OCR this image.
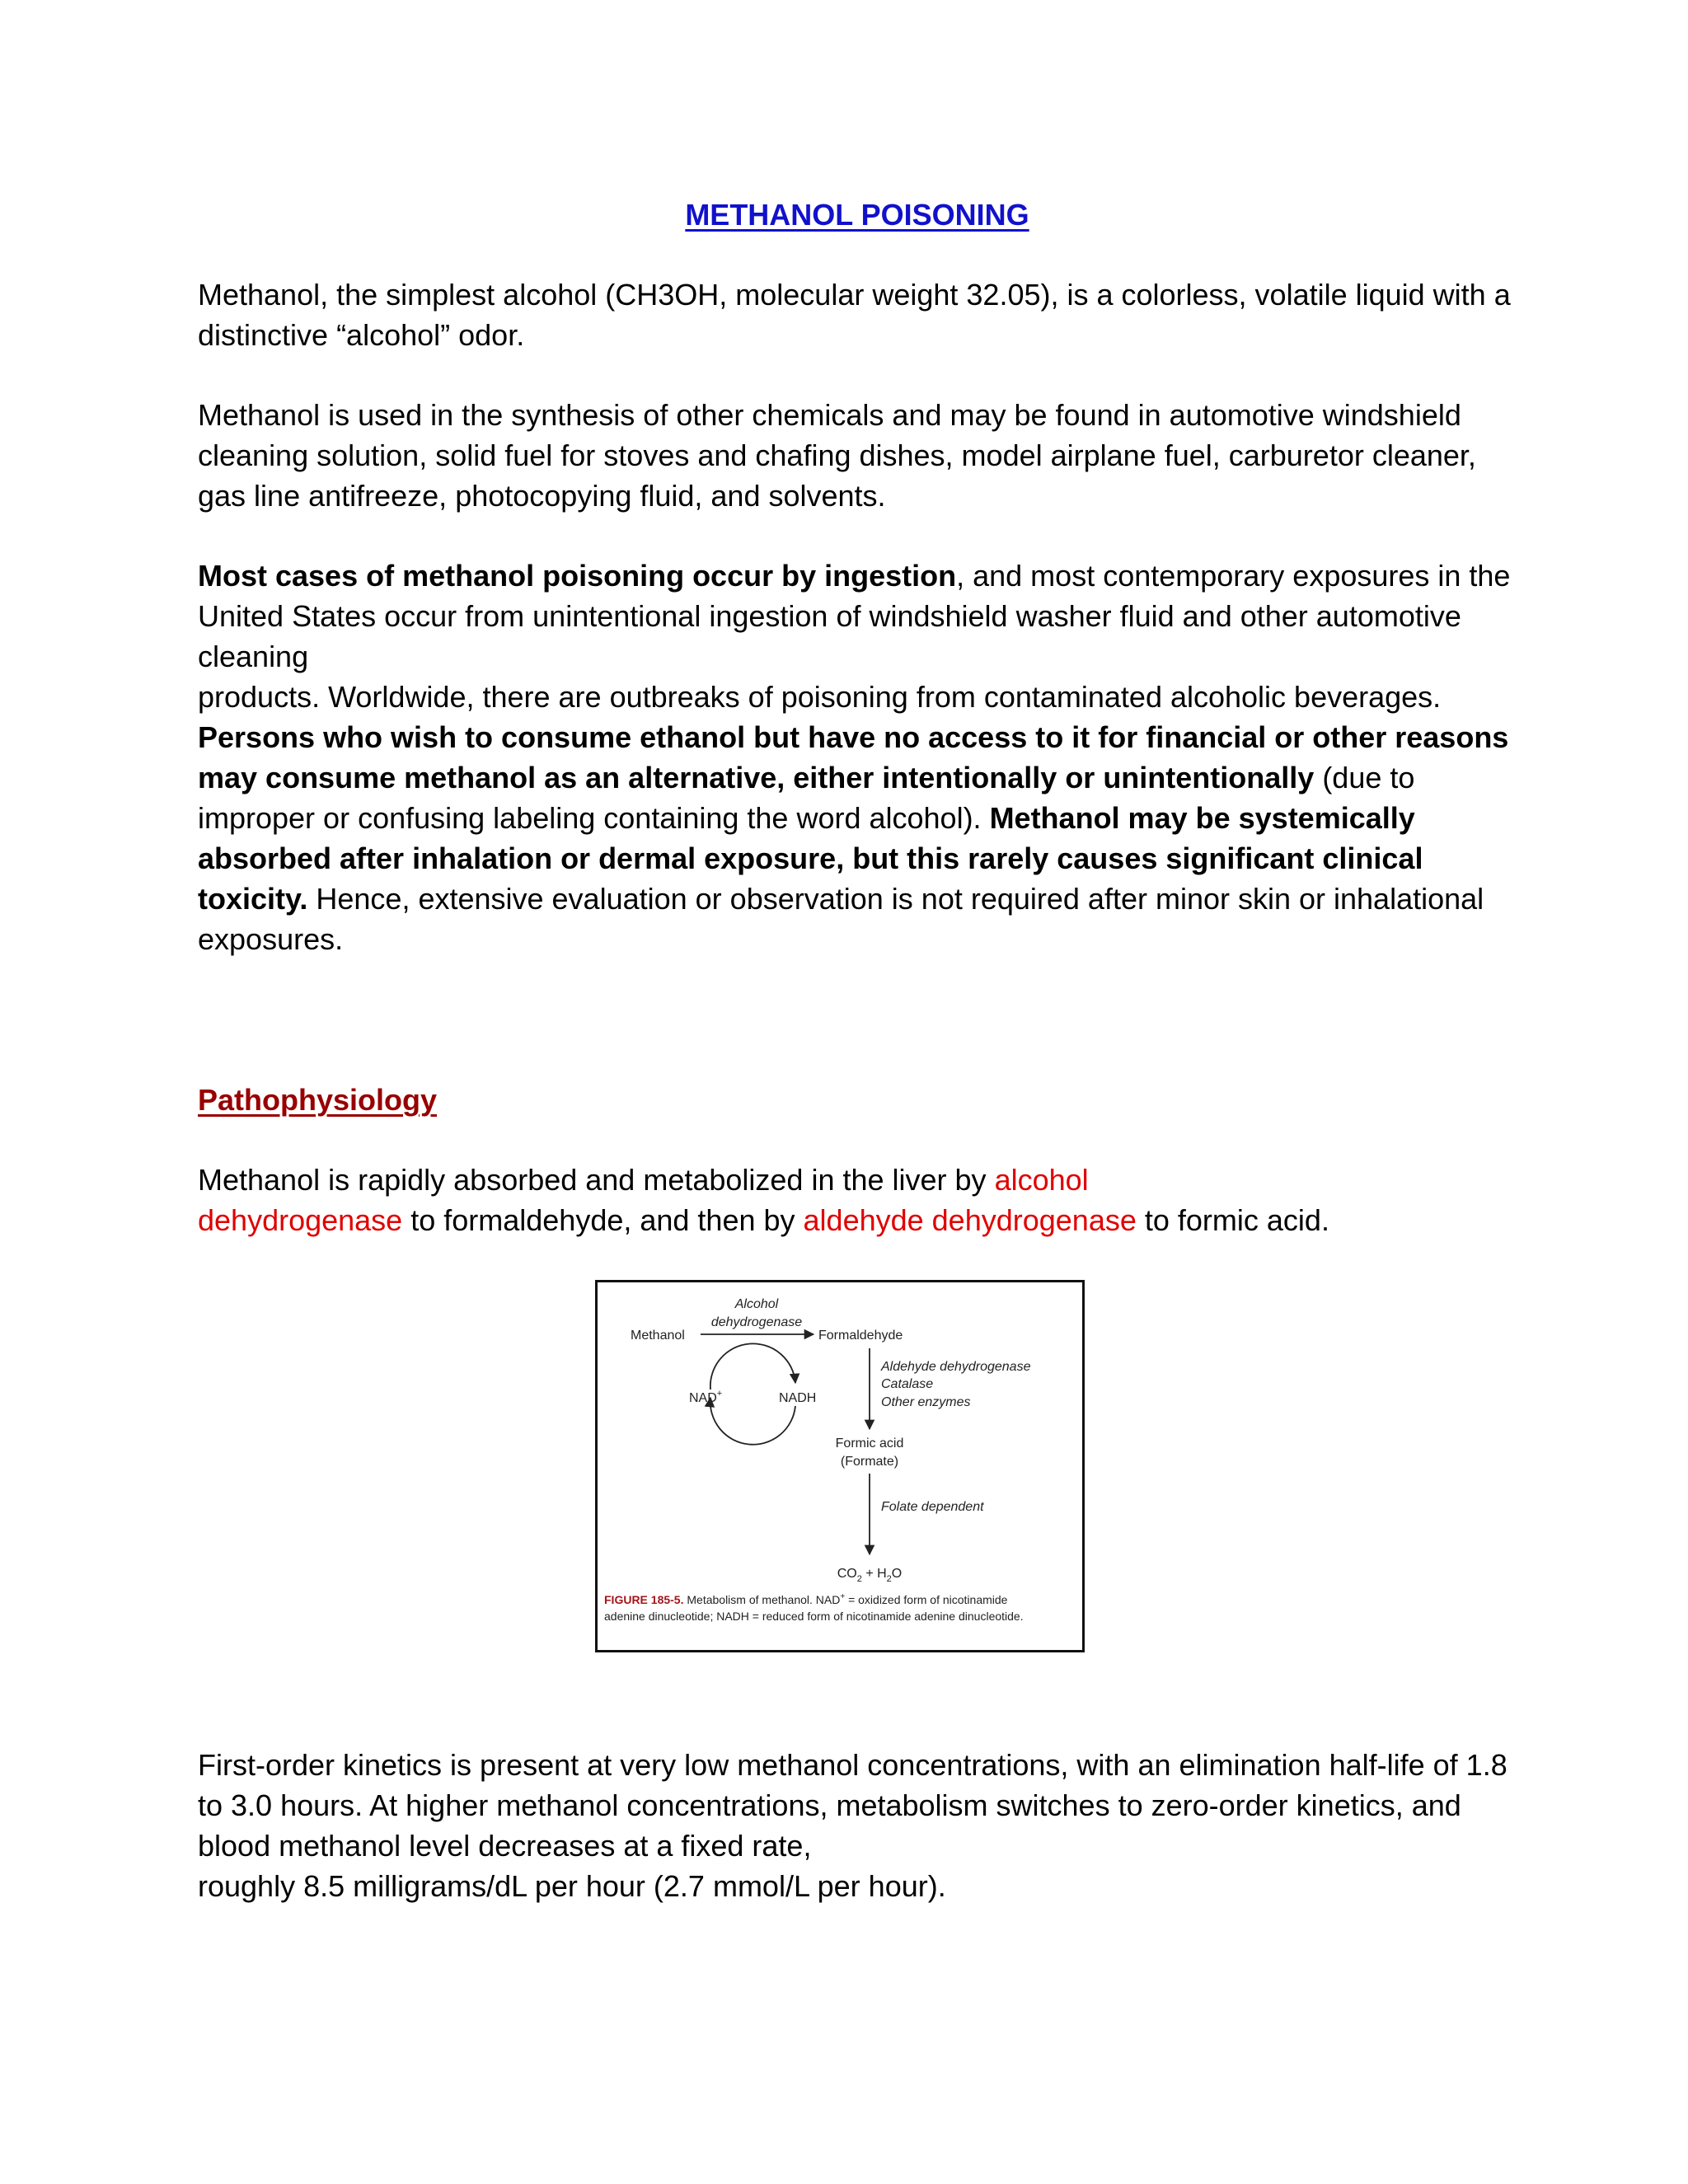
METHANOL POISONING

Methanol, the simplest alcohol (CH3OH, molecular weight 32.05), is a colorless, volatile liquid with a distinctive “alcohol” odor.

Methanol is used in the synthesis of other chemicals and may be found in automotive windshield cleaning solution, solid fuel for stoves and chafing dishes, model airplane fuel, carburetor cleaner, gas line antifreeze, photocopying fluid, and solvents.

Most cases of methanol poisoning occur by ingestion, and most contemporary exposures in the United States occur from unintentional ingestion of windshield washer fluid and other automotive cleaning
products. Worldwide, there are outbreaks of poisoning from contaminated alcoholic beverages.
Persons who wish to consume ethanol but have no access to it for financial or other reasons may consume methanol as an alternative, either intentionally or unintentionally (due to improper or confusing labeling containing the word alcohol). Methanol may be systemically absorbed after inhalation or dermal exposure, but this rarely causes significant clinical toxicity. Hence, extensive evaluation or observation is not required after minor skin or inhalational exposures.

Pathophysiology

Methanol is rapidly absorbed and metabolized in the liver by alcohol
dehydrogenase to formaldehyde, and then by aldehyde dehydrogenase to formic acid.

Alcohol
dehydrogenase
Methanol	Formaldehyde
NAD+	NADH
Aldehyde dehydrogenase
Catalase
Other enzymes
Formic acid
(Formate)
Folate dependent
$CO_2 + H_2O$
FIGURE 185-5. Metabolism of methanol. NAD+ = oxidized form of nicotinamide
adenine dinucleotide; NADH = reduced form of nicotinamide adenine dinucleotide.

First-order kinetics is present at very low methanol concentrations, with an elimination half-life of 1.8 to 3.0 hours. At higher methanol concentrations, metabolism switches to zero-order kinetics, and blood methanol level decreases at a fixed rate,
roughly 8.5 milligrams/dL per hour (2.7 mmol/L per hour).
